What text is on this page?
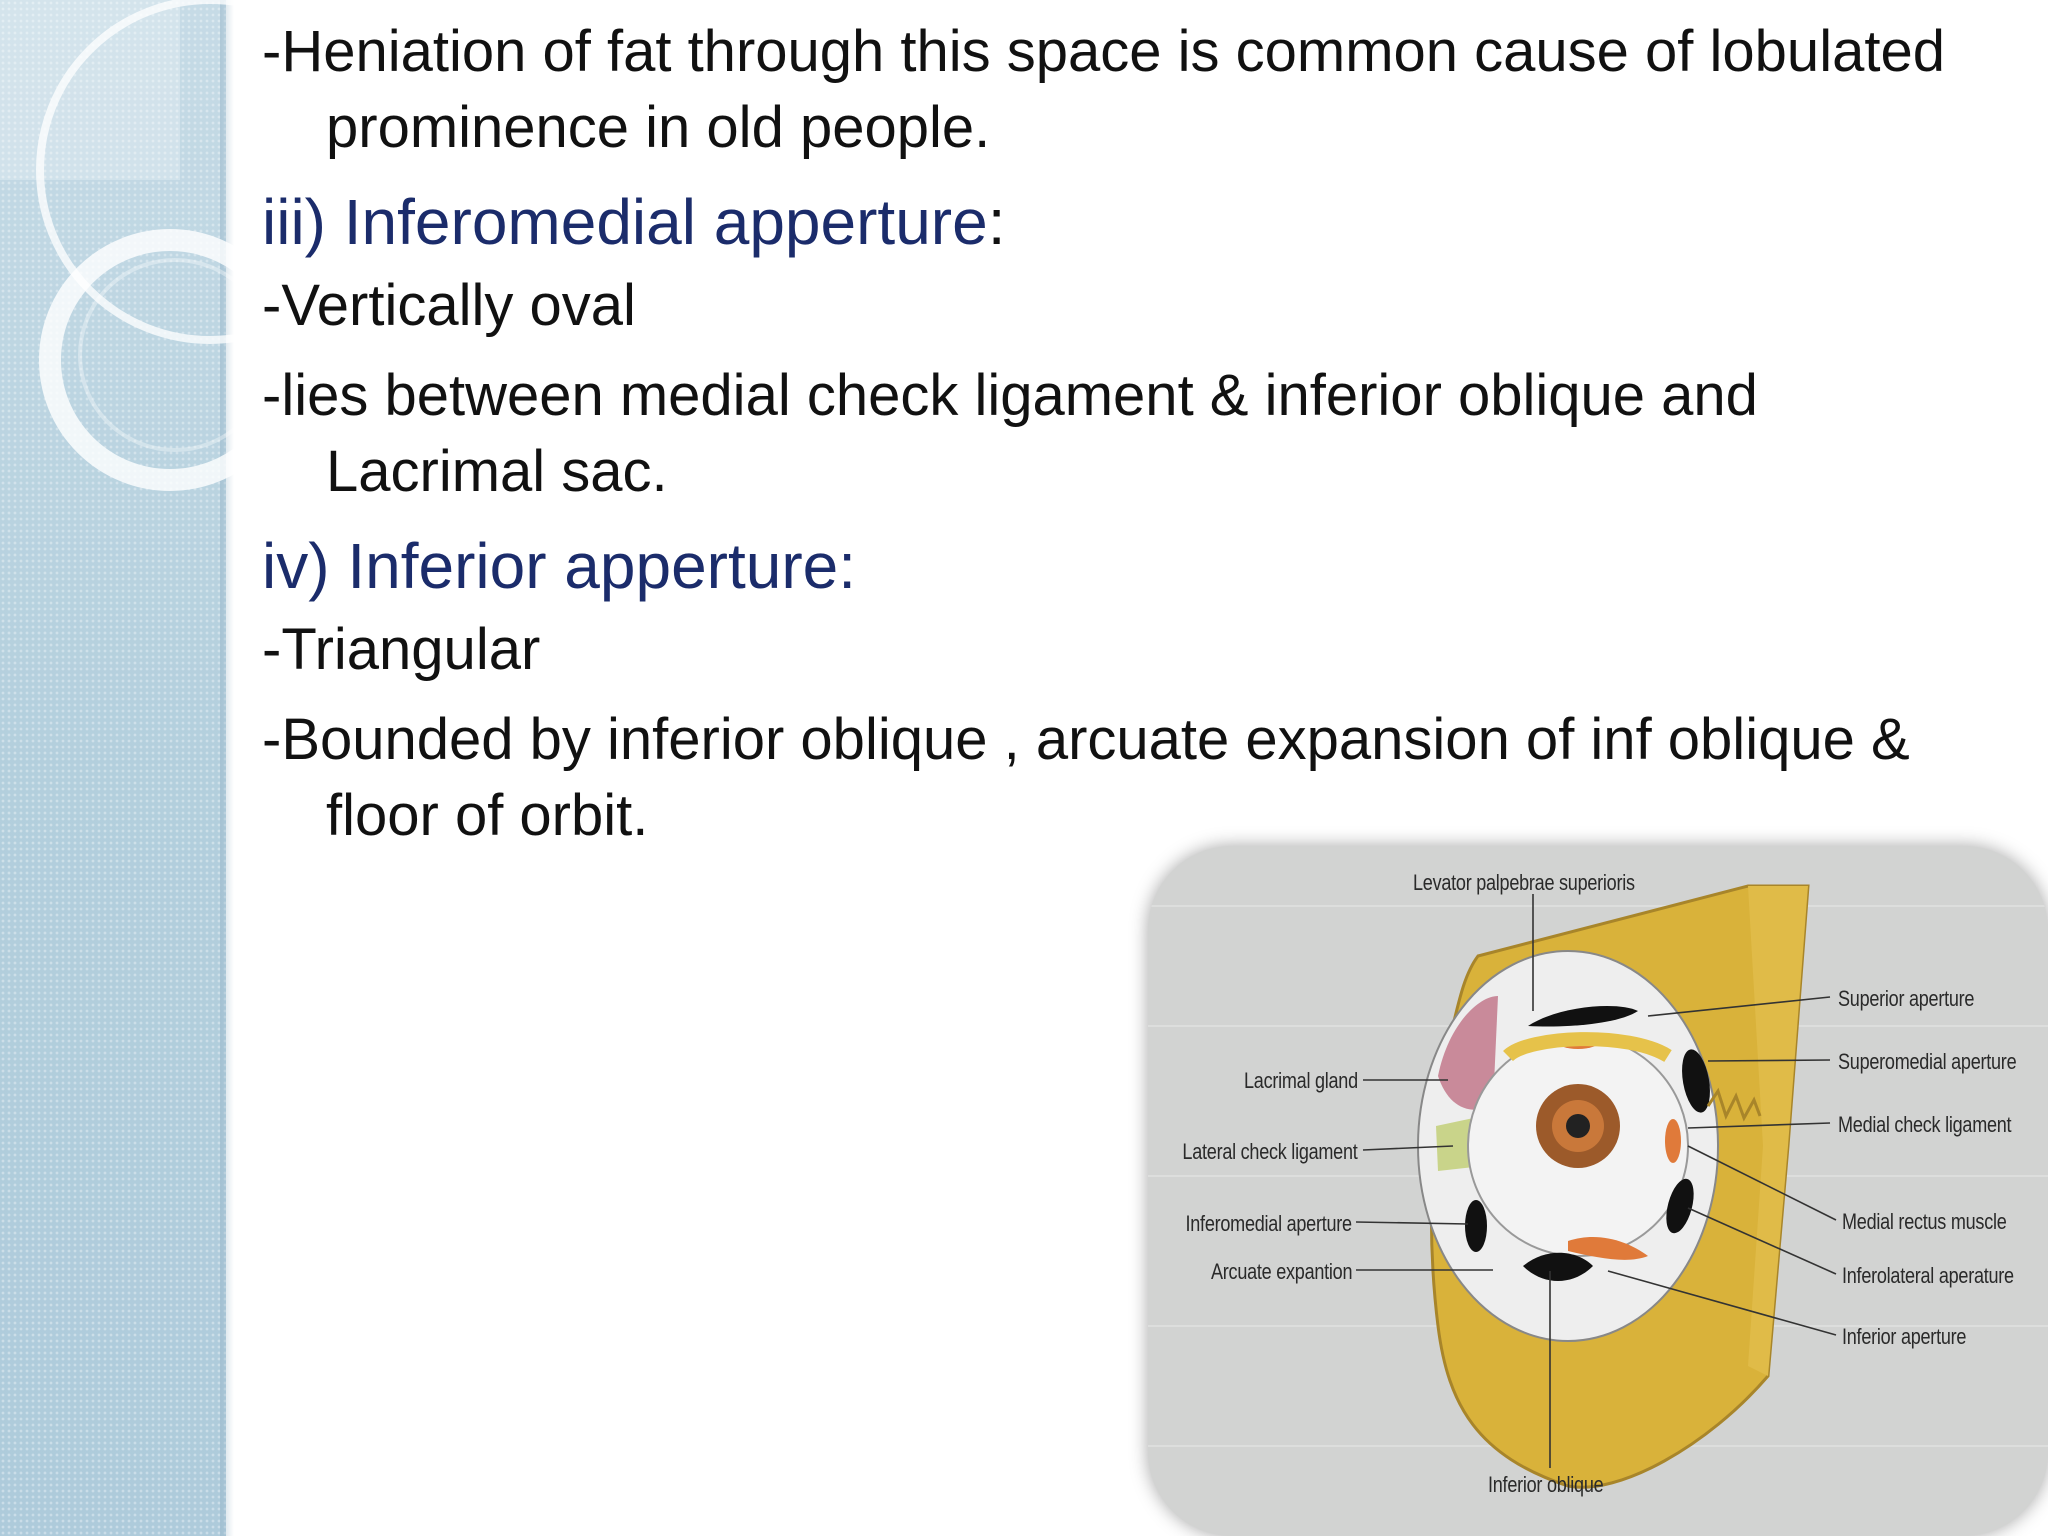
-Heniation of fat through this space is common cause of lobulated prominence in old people.

iii) Inferomedial apperture:

-Vertically oval

-lies between medial check ligament & inferior oblique and Lacrimal sac.

iv) Inferior apperture:

-Triangular

-Bounded by inferior oblique , arcuate expansion of inf oblique & floor of orbit.

Levator palpebrae superioris
Superior aperture
Superomedial aperture
Medial check ligament
Medial rectus muscle
Inferolateral aperature
Inferior aperture
Lacrimal gland
Lateral check ligament
Inferomedial aperture
Arcuate expantion
Inferior oblique
